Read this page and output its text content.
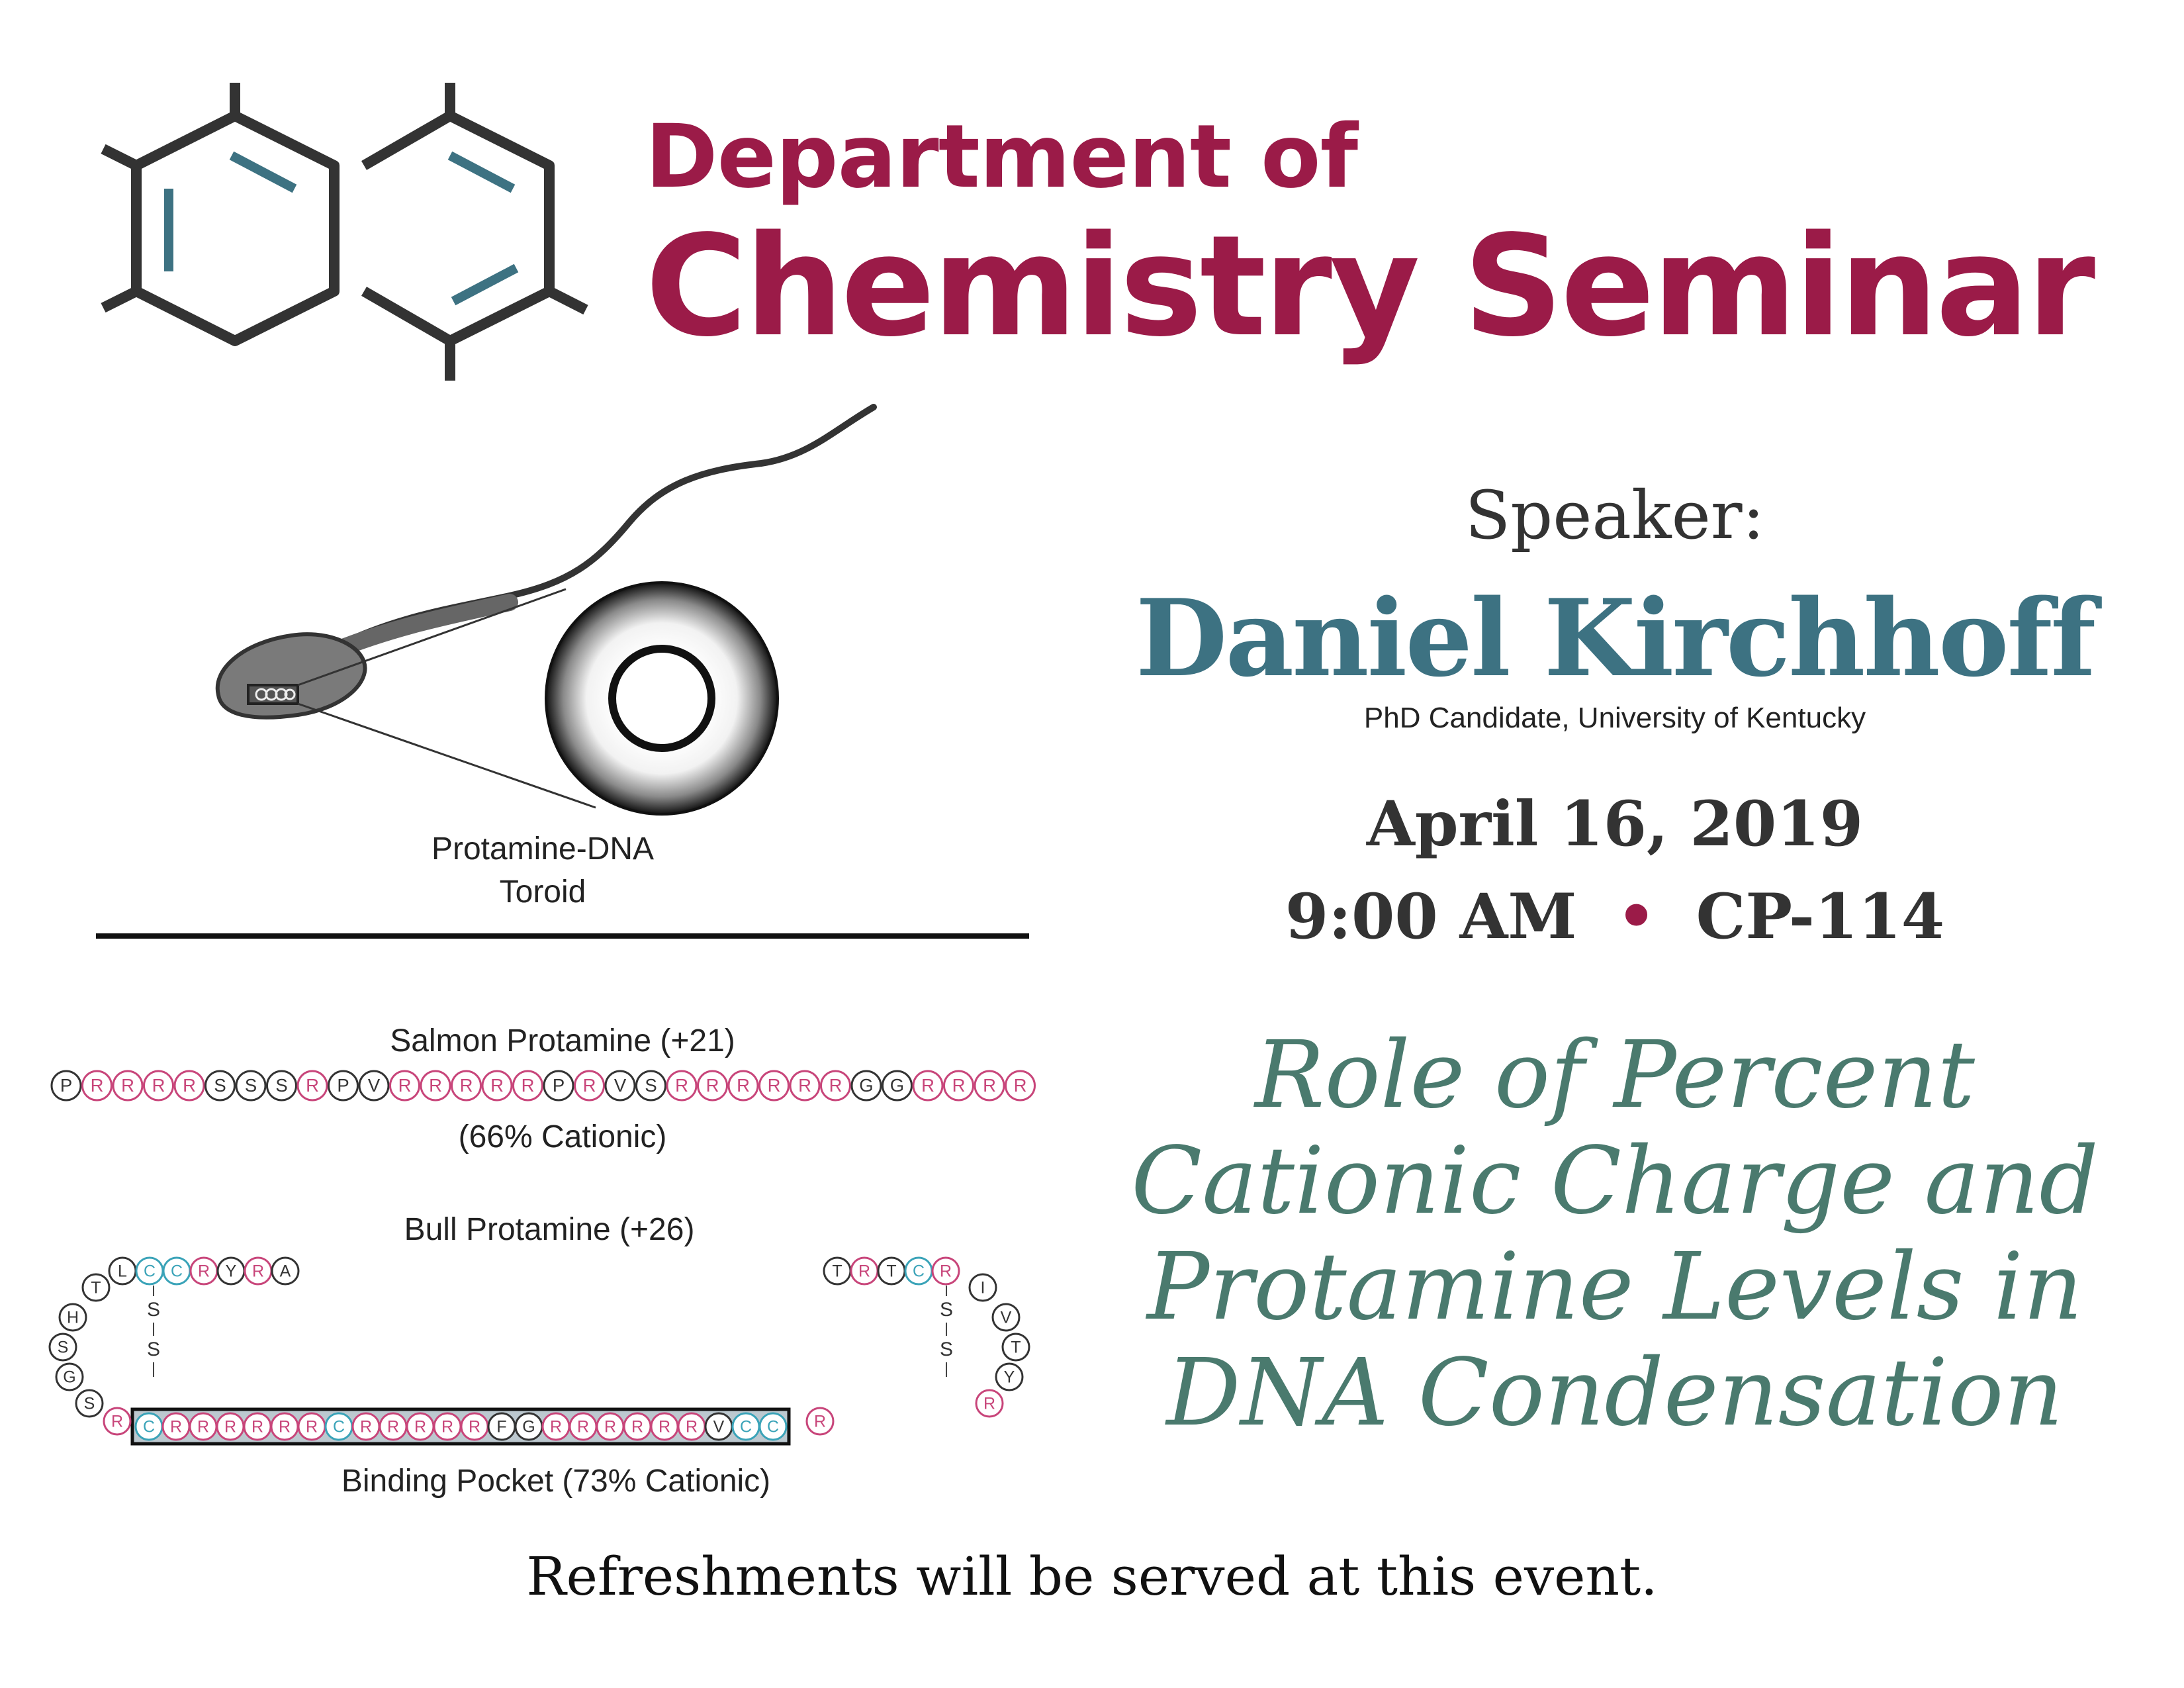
Department of
Chemistry Seminar
Protamine-DNA
Toroid
Salmon Protamine (+21)
P R R R R S S S R P V R R R R R P R V S R R R R R R G G R R R R
(66% Cationic)
Bull Protamine (+26)
R C R R R R R R C R R R R R F G R R R R R R V C C R
L C C R Y R A
T
H
S
G
S
T R T C R
I
V
T
Y
R
S
S
S
S
Binding Pocket (73% Cationic)
Speaker:
Daniel Kirchhoff
PhD Candidate, University of Kentucky
April 16, 2019
9:00 AM • CP-114
Role of Percent
Cationic Charge and
Protamine Levels in
DNA Condensation
Refreshments will be served at this event.
